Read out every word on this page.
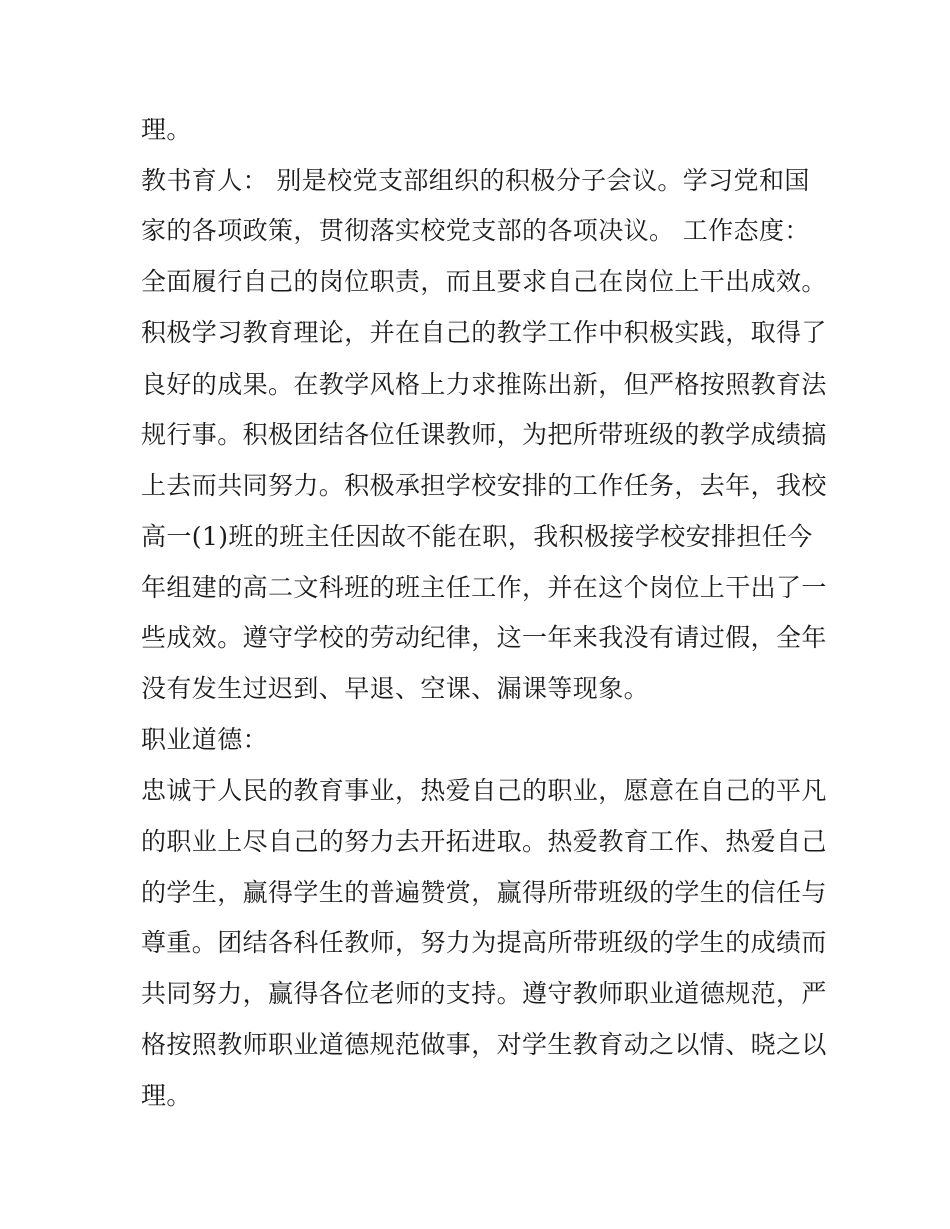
理。
教书育人： 别是校党支部组织的积极分子会议。学习党和国
家的各项政策，贯彻落实校党支部的各项决议。 工作态度：
全面履行自己的岗位职责，而且要求自己在岗位上干出成效。
积极学习教育理论，并在自己的教学工作中积极实践，取得了
良好的成果。在教学风格上力求推陈出新，但严格按照教育法
规行事。积极团结各位任课教师，为把所带班级的教学成绩搞
上去而共同努力。积极承担学校安排的工作任务，去年，我校
高一(1)班的班主任因故不能在职，我积极接学校安排担任今
年组建的高二文科班的班主任工作，并在这个岗位上干出了一
些成效。遵守学校的劳动纪律，这一年来我没有请过假，全年
没有发生过迟到、早退、空课、漏课等现象。
职业道德：
忠诚于人民的教育事业，热爱自己的职业，愿意在自己的平凡
的职业上尽自己的努力去开拓进取。热爱教育工作、热爱自己
的学生，赢得学生的普遍赞赏，赢得所带班级的学生的信任与
尊重。团结各科任教师，努力为提高所带班级的学生的成绩而
共同努力，赢得各位老师的支持。遵守教师职业道德规范，严
格按照教师职业道德规范做事，对学生教育动之以情、晓之以
理。
